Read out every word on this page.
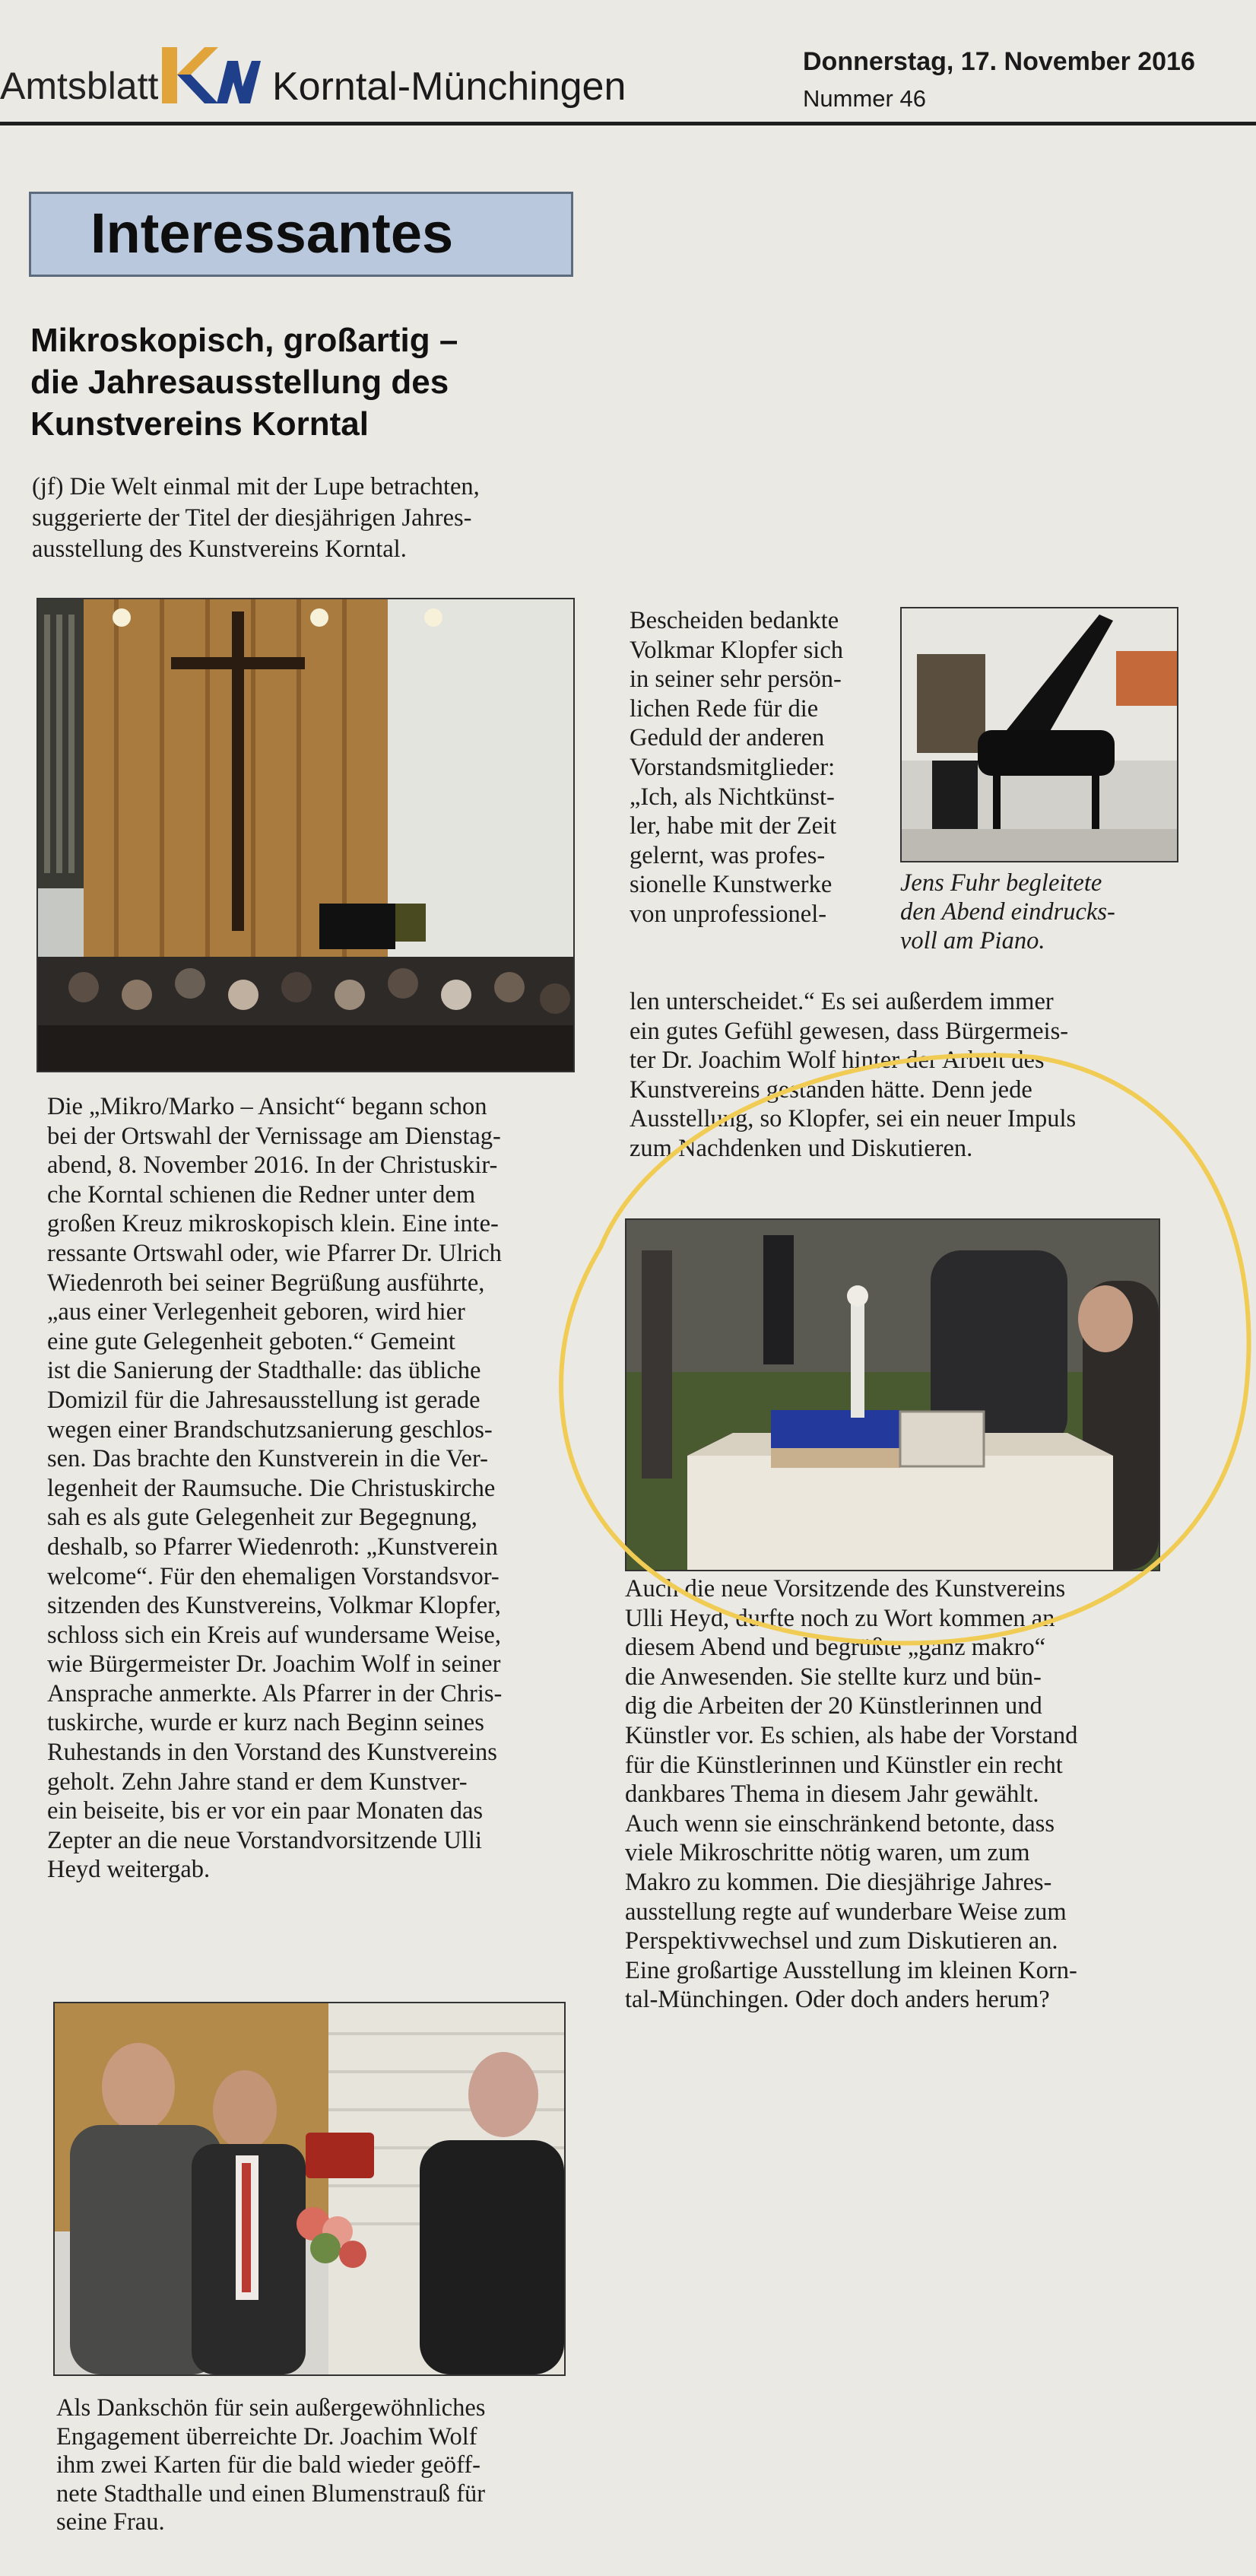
Amtsblatt	Korntal-Münchingen
Donnerstag, 17. November 2016
Nummer 46
Interessantes
Mikroskopisch, großartig –
die Jahresausstellung des
Kunstvereins Korntal
(jf) Die Welt einmal mit der Lupe betrachten,
suggerierte der Titel der diesjährigen Jahres-
ausstellung des Kunstvereins Korntal.
Die „Mikro/Marko – Ansicht“ begann schon
bei der Ortswahl der Vernissage am Dienstag-
abend, 8. November 2016. In der Christuskir-
che Korntal schienen die Redner unter dem
großen Kreuz mikroskopisch klein. Eine inte-
ressante Ortswahl oder, wie Pfarrer Dr. Ulrich
Wiedenroth bei seiner Begrüßung ausführte,
„aus einer Verlegenheit geboren, wird hier
eine gute Gelegenheit geboten.“ Gemeint
ist die Sanierung der Stadthalle: das übliche
Domizil für die Jahresausstellung ist gerade
wegen einer Brandschutzsanierung geschlos-
sen. Das brachte den Kunstverein in die Ver-
legenheit der Raumsuche. Die Christuskirche
sah es als gute Gelegenheit zur Begegnung,
deshalb, so Pfarrer Wiedenroth: „Kunstverein
welcome“. Für den ehemaligen Vorstandsvor-
sitzenden des Kunstvereins, Volkmar Klopfer,
schloss sich ein Kreis auf wundersame Weise,
wie Bürgermeister Dr. Joachim Wolf in seiner
Ansprache anmerkte. Als Pfarrer in der Chris-
tuskirche, wurde er kurz nach Beginn seines
Ruhestands in den Vorstand des Kunstvereins
geholt. Zehn Jahre stand er dem Kunstver-
ein beiseite, bis er vor ein paar Monaten das
Zepter an die neue Vorstandvorsitzende Ulli
Heyd weitergab.
Als Dankschön für sein außergewöhnliches
Engagement überreichte Dr. Joachim Wolf
ihm zwei Karten für die bald wieder geöff-
nete Stadthalle und einen Blumenstrauß für
seine Frau.
Bescheiden bedankte
Volkmar Klopfer sich
in seiner sehr persön-
lichen Rede für die
Geduld der anderen
Vorstandsmitglieder:
„Ich, als Nichtkünst-
ler, habe mit der Zeit
gelernt, was profes-
sionelle Kunstwerke
von unprofessionel-
Jens Fuhr begleitete
den Abend eindrucks-
voll am Piano.
len unterscheidet.“ Es sei außerdem immer
ein gutes Gefühl gewesen, dass Bürgermeis-
ter Dr. Joachim Wolf hinter der Arbeit des
Kunstvereins gestanden hätte. Denn jede
Ausstellung, so Klopfer, sei ein neuer Impuls
zum Nachdenken und Diskutieren.
Auch die neue Vorsitzende des Kunstvereins
Ulli Heyd, durfte noch zu Wort kommen an
diesem Abend und begrüßte „ganz makro“
die Anwesenden. Sie stellte kurz und bün-
dig die Arbeiten der 20 Künstlerinnen und
Künstler vor. Es schien, als habe der Vorstand
für die Künstlerinnen und Künstler ein recht
dankbares Thema in diesem Jahr gewählt.
Auch wenn sie einschränkend betonte, dass
viele Mikroschritte nötig waren, um zum
Makro zu kommen. Die diesjährige Jahres-
ausstellung regte auf wunderbare Weise zum
Perspektivwechsel und zum Diskutieren an.
Eine großartige Ausstellung im kleinen Korn-
tal-Münchingen. Oder doch anders herum?
